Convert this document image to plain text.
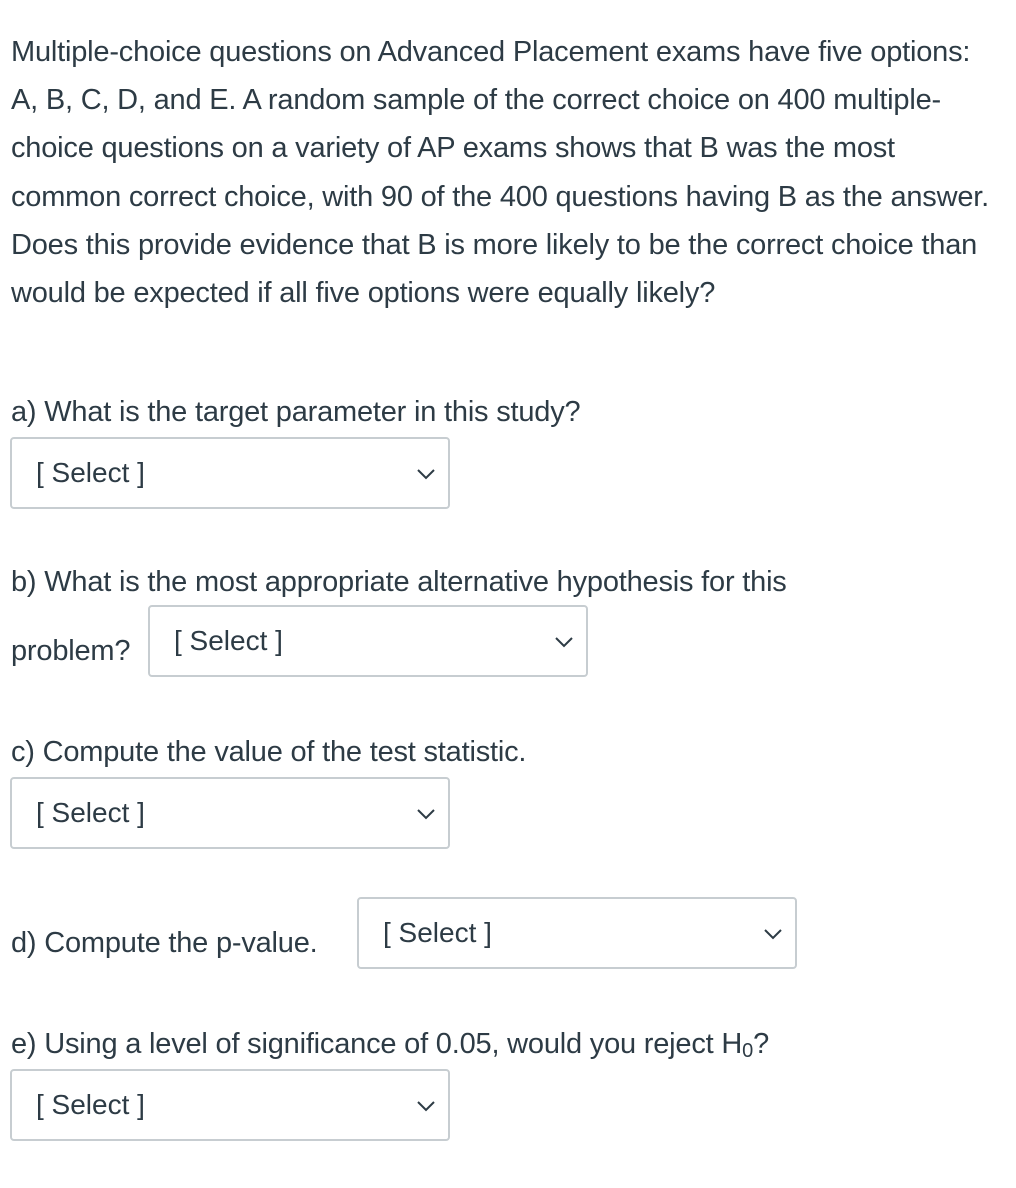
Multiple-choice questions on Advanced Placement exams have five options: A, B, C, D, and E. A random sample of the correct choice on 400 multiple-choice questions on a variety of AP exams shows that B was the most common correct choice, with 90 of the 400 questions having B as the answer. Does this provide evidence that B is more likely to be the correct choice than would be expected if all five options were equally likely?

a) What is the target parameter in this study?
[ Select ]
b) What is the most appropriate alternative hypothesis for this
problem? [ Select ]
c) Compute the value of the test statistic.
[ Select ]
d) Compute the p-value. [ Select ]
e) Using a level of significance of 0.05, would you reject $H_0$?
[ Select ]
